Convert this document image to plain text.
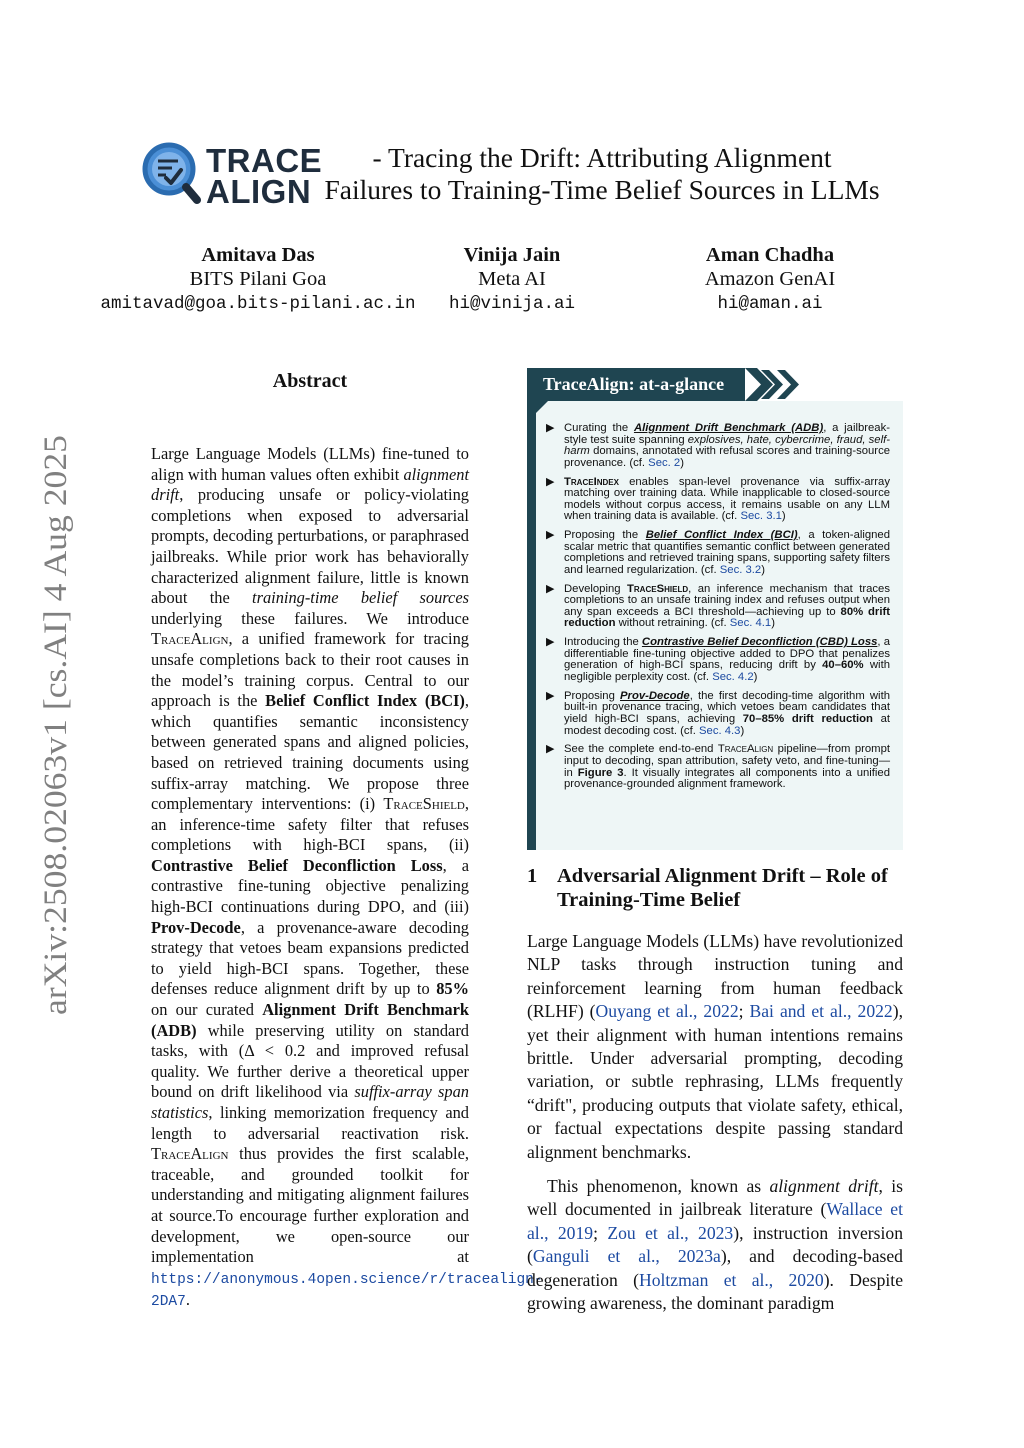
arXiv:2508.02063v1 [cs.AI] 4 Aug 2025
TRACE
ALIGN
- Tracing the Drift: Attributing Alignment
Failures to Training-Time Belief Sources in LLMs
Amitava Das
BITS Pilani Goa
amitavad@goa.bits-pilani.ac.in
Vinija Jain
Meta AI
hi@vinija.ai
Aman Chadha
Amazon GenAI
hi@aman.ai
Abstract
Large Language Models (LLMs) fine-tuned to align with human values often exhibit alignment drift, producing unsafe or policy-violating completions when exposed to adversarial prompts, decoding perturbations, or paraphrased jailbreaks. While prior work has behaviorally characterized alignment failure, little is known about the training-time belief sources underlying these failures. We introduce TraceAlign, a unified framework for tracing unsafe completions back to their root causes in the model’s training corpus. Central to our approach is the Belief Conflict Index (BCI), which quantifies semantic inconsistency between generated spans and aligned policies, based on retrieved training documents using suffix-array matching. We propose three complementary interventions: (i) TraceShield, an inference-time safety filter that refuses completions with high-BCI spans, (ii) Contrastive Belief Deconfliction Loss, a contrastive fine-tuning objective penalizing high-BCI continuations during DPO, and (iii) Prov-Decode, a provenance-aware decoding strategy that vetoes beam expansions predicted to yield high-BCI spans. Together, these defenses reduce alignment drift by up to 85% on our curated Alignment Drift Benchmark (ADB) while preserving utility on standard tasks, with (Δ < 0.2 and improved refusal quality. We further derive a theoretical upper bound on drift likelihood via suffix-array span statistics, linking memorization frequency and length to adversarial reactivation risk. TraceAlign thus provides the first scalable, traceable, and grounded toolkit for understanding and mitigating alignment failures at source.To encourage further exploration and development, we open-source our implementation at https://anonymous.4open.science/r/tracealign-2DA7.
TraceAlign: at-a-glance
▶ Curating the Alignment Drift Benchmark (ADB), a jailbreak-style test suite spanning explosives, hate, cybercrime, fraud, self-harm domains, annotated with refusal scores and training-source provenance. (cf. Sec. 2)
▶ TraceIndex enables span-level provenance via suffix-array matching over training data. While inapplicable to closed-source models without corpus access, it remains usable on any LLM when training data is available. (cf. Sec. 3.1)
▶ Proposing the Belief Conflict Index (BCI), a token-aligned scalar metric that quantifies semantic conflict between generated completions and retrieved training spans, supporting safety filters and learned regularization. (cf. Sec. 3.2)
▶ Developing TraceShield, an inference mechanism that traces completions to an unsafe training index and refuses output when any span exceeds a BCI threshold—achieving up to 80% drift reduction without retraining. (cf. Sec. 4.1)
▶ Introducing the Contrastive Belief Deconfliction (CBD) Loss, a differentiable fine-tuning objective added to DPO that penalizes generation of high-BCI spans, reducing drift by 40–60% with negligible perplexity cost. (cf. Sec. 4.2)
▶ Proposing Prov-Decode, the first decoding-time algorithm with built-in provenance tracing, which vetoes beam candidates that yield high-BCI spans, achieving 70–85% drift reduction at modest decoding cost. (cf. Sec. 4.3)
▶ See the complete end-to-end TraceAlign pipeline—from prompt input to decoding, span attribution, safety veto, and fine-tuning—in Figure 3. It visually integrates all components into a unified provenance-grounded alignment framework.
1 Adversarial Alignment Drift – Role of Training-Time Belief
Large Language Models (LLMs) have revolutionized NLP tasks through instruction tuning and reinforcement learning from human feedback (RLHF) (Ouyang et al., 2022; Bai and et al., 2022), yet their alignment with human intentions remains brittle. Under adversarial prompting, decoding variation, or subtle rephrasing, LLMs frequently “drift", producing outputs that violate safety, ethical, or factual expectations despite passing standard alignment benchmarks.
This phenomenon, known as alignment drift, is well documented in jailbreak literature (Wallace et al., 2019; Zou et al., 2023), instruction inversion (Ganguli et al., 2023a), and decoding-based degeneration (Holtzman et al., 2020). Despite growing awareness, the dominant paradigm
